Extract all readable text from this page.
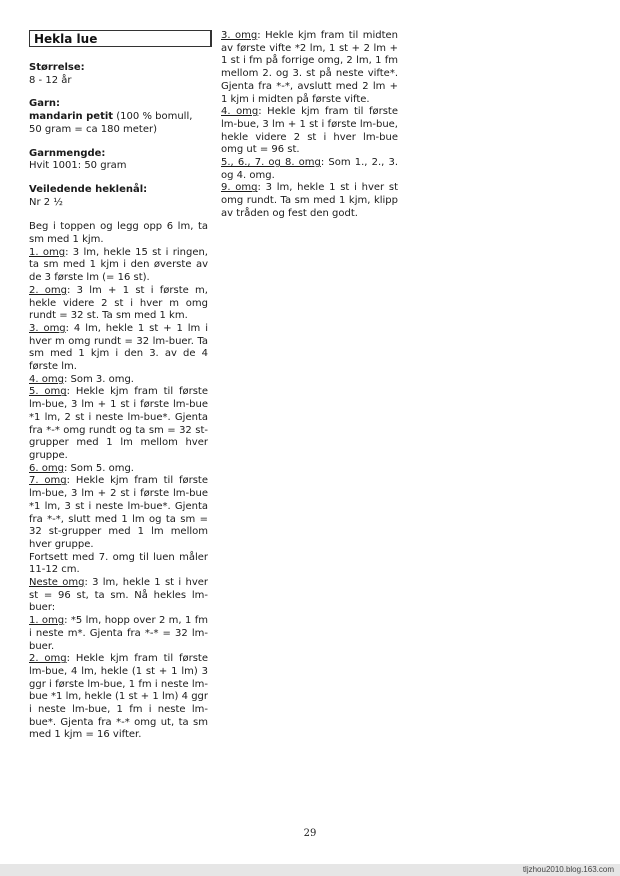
Hekla lue

Størrelse:

8 - 12 år

Garn:

mandarin petit (100 % bomull, 50 gram = ca 180 meter)

Garnmengde:

Hvit 1001: 50 gram

Veiledende heklenål:

Nr 2 ½

Beg i toppen og legg opp 6 lm, ta sm med 1 kjm.

1. omg: 3 lm, hekle 15 st i ringen, ta sm med 1 kjm i den øverste av de 3 første lm (= 16 st).

2. omg: 3 lm + 1 st i første m, hekle videre 2 st i hver m omg rundt = 32 st. Ta sm med 1 km.

3. omg: 4 lm, hekle 1 st + 1 lm i hver m omg rundt = 32 lm-buer. Ta sm med 1 kjm i den 3. av de 4 første lm.

4. omg: Som 3. omg.

5. omg: Hekle kjm fram til første lm-bue, 3 lm + 1 st i første lm-bue *1 lm, 2 st i neste lm-bue*. Gjenta fra *-* omg rundt og ta sm = 32 st-grupper med 1 lm mellom hver gruppe.

6. omg: Som 5. omg.

7. omg: Hekle kjm fram til første lm-bue, 3 lm + 2 st i første lm-bue *1 lm, 3 st i neste lm-bue*. Gjenta fra *-*, slutt med 1 lm og ta sm = 32 st-grupper med 1 lm mellom hver gruppe.

Fortsett med 7. omg til luen måler 11-12 cm.

Neste omg: 3 lm, hekle 1 st i hver st = 96 st, ta sm. Nå hekles lm-buer:

1. omg: *5 lm, hopp over 2 m, 1 fm i neste m*. Gjenta fra *-* = 32 lm-buer.

2. omg: Hekle kjm fram til første lm-bue, 4 lm, hekle (1 st + 1 lm) 3 ggr i første lm-bue, 1 fm i neste lm-bue *1 lm, hekle (1 st + 1 lm) 4 ggr i neste lm-bue, 1 fm i neste lm-bue*. Gjenta fra *-* omg ut, ta sm med 1 kjm = 16 vifter.

3. omg: Hekle kjm fram til midten av første vifte *2 lm, 1 st + 2 lm + 1 st i fm på forrige omg, 2 lm, 1 fm mellom 2. og 3. st på neste vifte*. Gjenta fra *-*, avslutt med 2 lm + 1 kjm i midten på første vifte.

4. omg: Hekle kjm fram til første lm-bue, 3 lm + 1 st i første lm-bue, hekle videre 2 st i hver lm-bue omg ut = 96 st.

5., 6., 7. og 8. omg: Som 1., 2., 3. og 4. omg.

9. omg: 3 lm, hekle 1 st i hver st omg rundt. Ta sm med 1 kjm, klipp av tråden og fest den godt.

29
tljzhou2010.blog.163.com
